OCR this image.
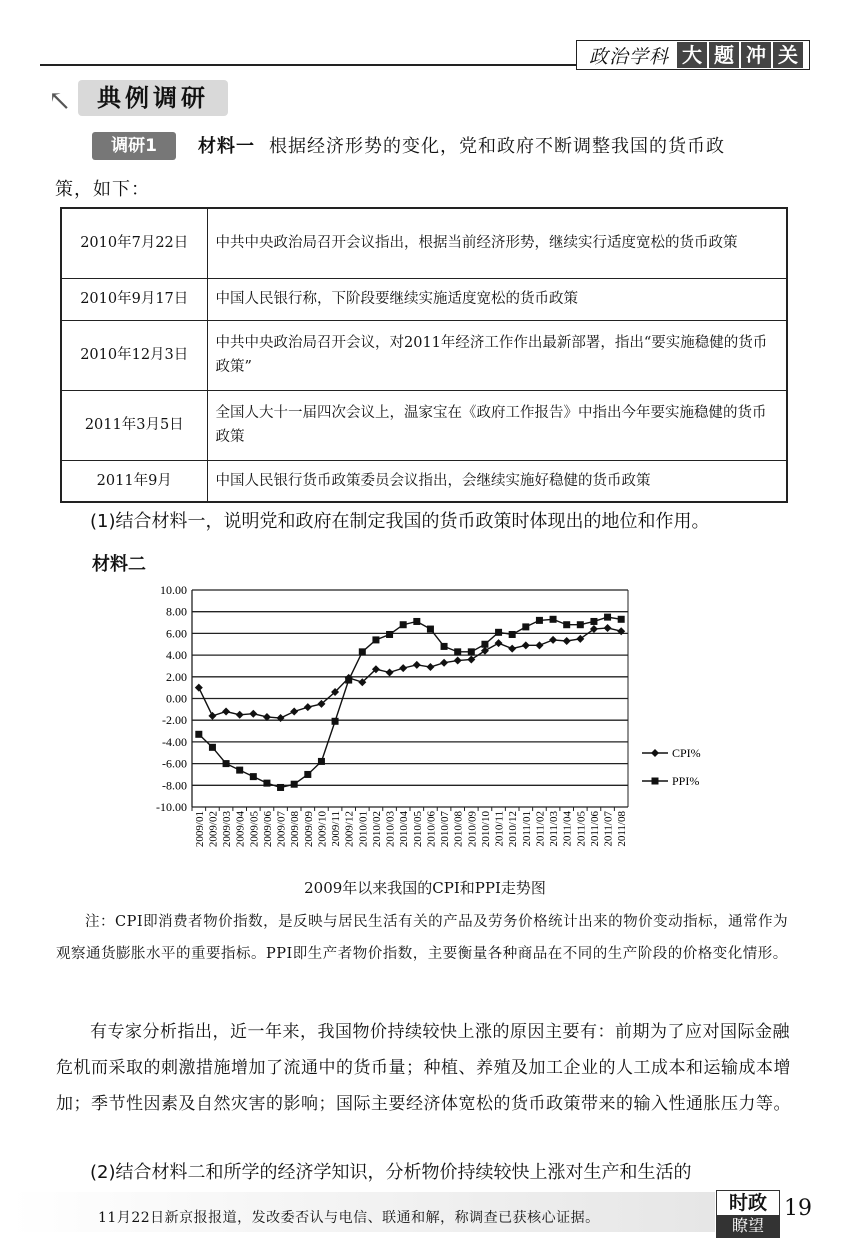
政治学科 大 题 冲 关
↖	典例调研
调研1	材料一 根据经济形势的变化，党和政府不断调整我国的货币政
策，如下：
2010年7月22日	中共中央政治局召开会议指出，根据当前经济形势，继续实行适度宽松的货币政策
2010年9月17日	中国人民银行称，下阶段要继续实施适度宽松的货币政策
2010年12月3日	中共中央政治局召开会议，对2011年经济工作作出最新部署，指出“要实施稳健的货币政策”
2011年3月5日	全国人大十一届四次会议上，温家宝在《政府工作报告》中指出今年要实施稳健的货币政策
2011年9月	中国人民银行货币政策委员会议指出，会继续实施好稳健的货币政策
(1)结合材料一，说明党和政府在制定我国的货币政策时体现出的地位和作用。
材料二
10.00
8.00
6.00
4.00
2.00
0.00
-2.00
-4.00
-6.00
-8.00
-10.00
2009/01 2009/02 2009/03 2009/04 2009/05 2009/06 2009/07 2009/08 2009/09 2009/10 2009/11 2009/12 2010/01 2010/02 2010/03 2010/04 2010/05 2010/06 2010/07 2010/08 2010/09 2010/10 2010/11 2010/12 2011/01 2011/02 2011/03 2011/04 2011/05 2011/06 2011/07 2011/08
CPI%
PPI%
2009年以来我国的CPI和PPI走势图
注：CPI即消费者物价指数，是反映与居民生活有关的产品及劳务价格统计出来的物价变动指标，通常作为观察通货膨胀水平的重要指标。PPI即生产者物价指数，主要衡量各种商品在不同的生产阶段的价格变化情形。
有专家分析指出，近一年来，我国物价持续较快上涨的原因主要有：前期为了应对国际金融危机而采取的刺激措施增加了流通中的货币量；种植、养殖及加工企业的人工成本和运输成本增加；季节性因素及自然灾害的影响；国际主要经济体宽松的货币政策带来的输入性通胀压力等。
(2)结合材料二和所学的经济学知识，分析物价持续较快上涨对生产和生活的
11月22日新京报报道，发改委否认与电信、联通和解，称调查已获核心证据。
时政
瞭望
19
